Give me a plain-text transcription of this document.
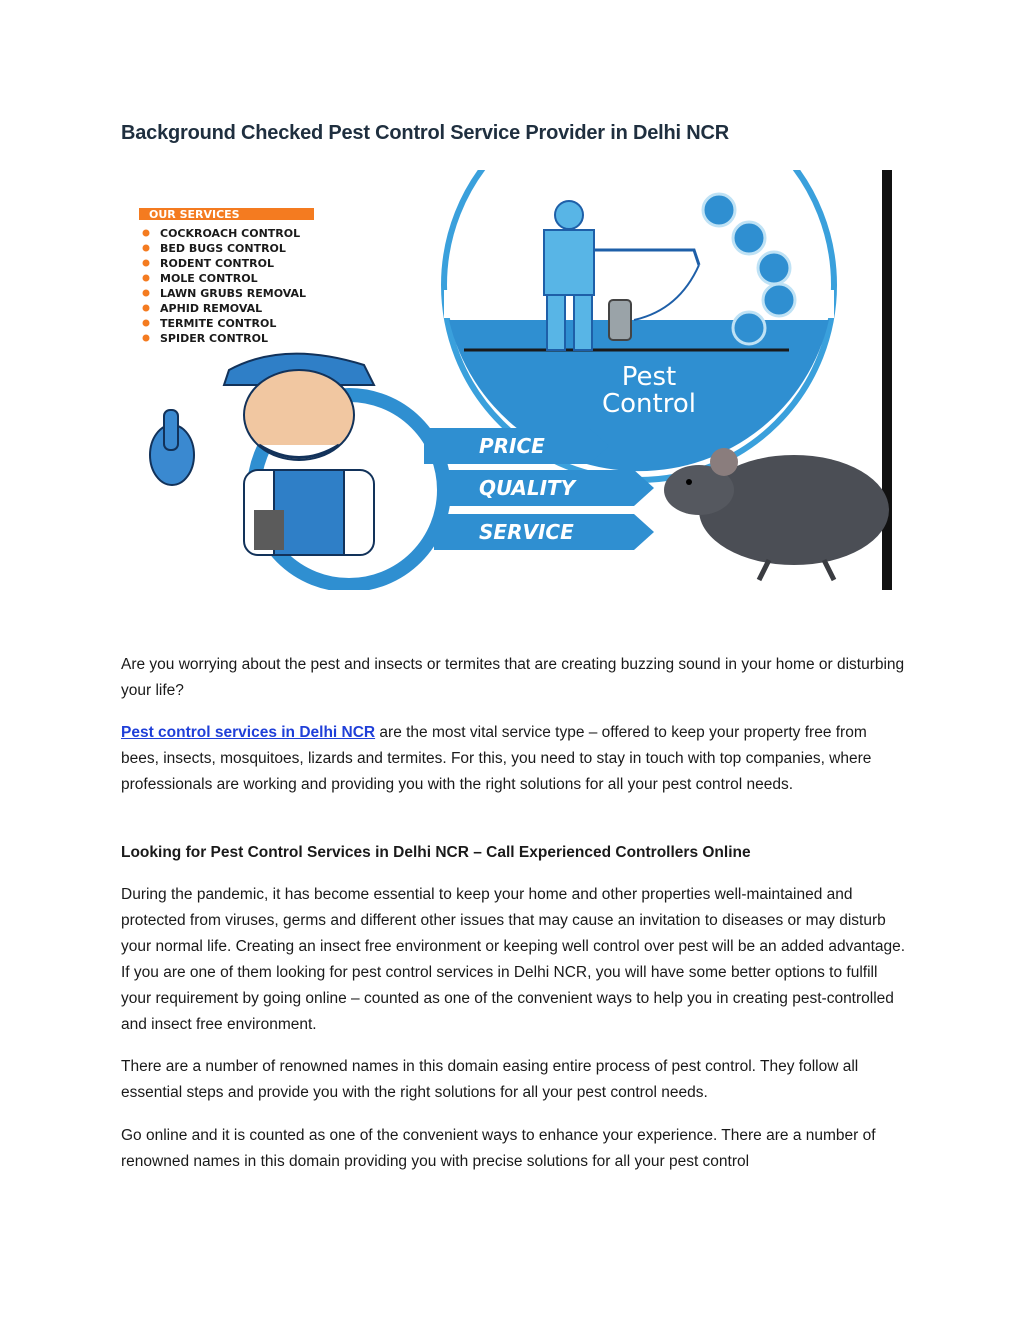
Background Checked Pest Control Service Provider in Delhi NCR
Pest
Control
OUR SERVICES
COCKROACH CONTROL
BED BUGS CONTROL
RODENT CONTROL
MOLE CONTROL
LAWN GRUBS REMOVAL
APHID REMOVAL
TERMITE CONTROL
SPIDER CONTROL
PRICE
QUALITY
SERVICE

Are you worrying about the pest and insects or termites that are creating buzzing sound in your home or disturbing your life?

Pest control services in Delhi NCR are the most vital service type – offered to keep your property free from bees, insects, mosquitoes, lizards and termites. For this, you need to stay in touch with top companies, where professionals are working and providing you with the right solutions for all your pest control needs.

Looking for Pest Control Services in Delhi NCR – Call Experienced Controllers Online

During the pandemic, it has become essential to keep your home and other properties well-maintained and protected from viruses, germs and different other issues that may cause an invitation to diseases or may disturb your normal life. Creating an insect free environment or keeping well control over pest will be an added advantage. If you are one of them looking for pest control services in Delhi NCR, you will have some better options to fulfill your requirement by going online – counted as one of the convenient ways to help you in creating pest-controlled and insect free environment.

There are a number of renowned names in this domain easing entire process of pest control. They follow all essential steps and provide you with the right solutions for all your pest control needs.

Go online and it is counted as one of the convenient ways to enhance your experience. There are a number of renowned names in this domain providing you with precise solutions for all your pest control
